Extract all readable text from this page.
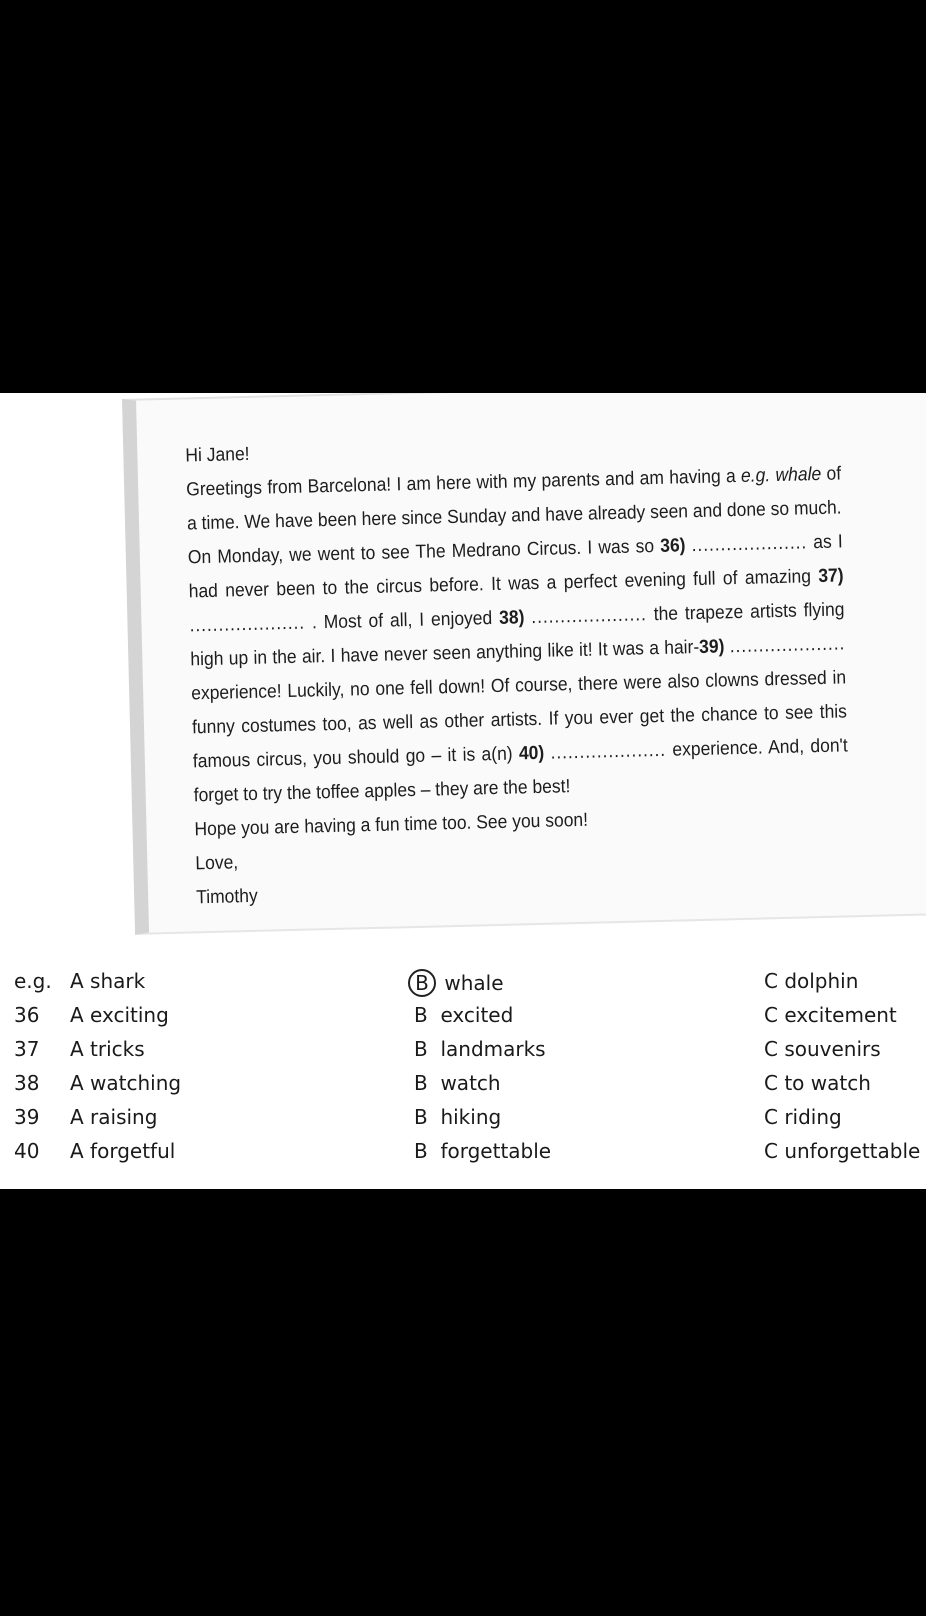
Hi Jane!

Greetings from Barcelona! I am here with my parents and am having a e.g. whale of a time. We have been here since Sunday and have already seen and done so much.

On Monday, we went to see The Medrano Circus. I was so 36) .................... as I had never been to the circus before. It was a perfect evening full of amazing 37) .................... . Most of all, I enjoyed 38) .................... the trapeze artists flying high up in the air. I have never seen anything like it! It was a hair-39) .................... experience! Luckily, no one fell down! Of course, there were also clowns dressed in funny costumes too, as well as other artists. If you ever get the chance to see this famous circus, you should go – it is a(n) 40) .................... experience. And, don't forget to try the toffee apples – they are the best!

Hope you are having a fun time too. See you soon!

Love,

Timothy

e.g. A shark	B whale	C dolphin
36 A exciting	B excited	C excitement
37 A tricks	B landmarks	C souvenirs
38 A watching	B watch	C to watch
39 A raising	B hiking	C riding
40 A forgetful	B forgettable	C unforgettable
